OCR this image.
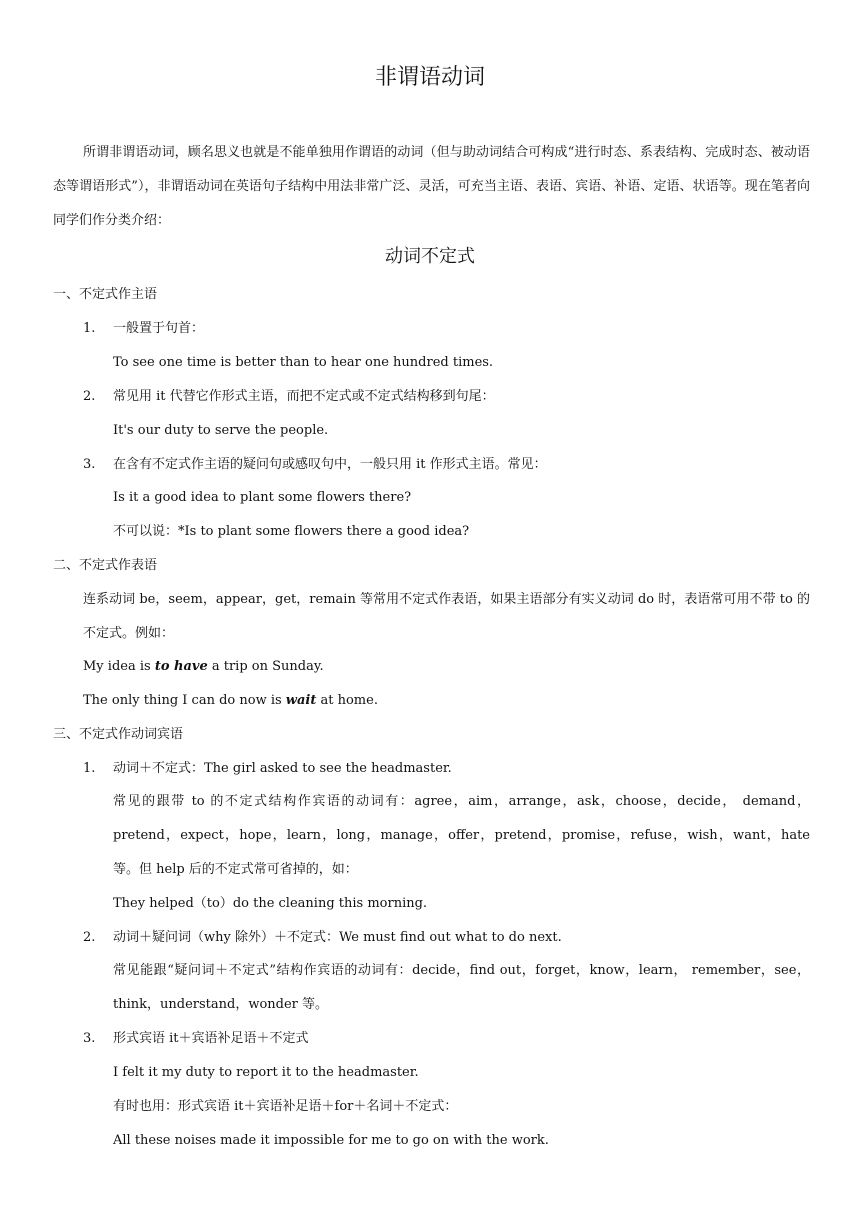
非谓语动词

所谓非谓语动词，顾名思义也就是不能单独用作谓语的动词（但与助动词结合可构成“进行时态、系表结构、完成时态、被动语态等谓语形式”），非谓语动词在英语句子结构中用法非常广泛、灵活，可充当主语、表语、宾语、补语、定语、状语等。现在笔者向同学们作分类介绍：

动词不定式
一、不定式作主语
1. 一般置于句首：
To see one time is better than to hear one hundred times.
2. 常见用 it 代替它作形式主语，而把不定式或不定式结构移到句尾：
It's our duty to serve the people.
3. 在含有不定式作主语的疑问句或感叹句中，一般只用 it 作形式主语。常见：
Is it a good idea to plant some flowers there?
不可以说：*Is to plant some flowers there a good idea?
二、不定式作表语

连系动词 be，seem，appear，get，remain 等常用不定式作表语，如果主语部分有实义动词 do 时，表语常可用不带 to 的不定式。例如：

My idea is to have a trip on Sunday.
The only thing I can do now is wait at home.
三、不定式作动词宾语
1. 动词＋不定式：The girl asked to see the headmaster.

常见的跟带 to 的不定式结构作宾语的动词有：agree，aim，arrange，ask，choose，decide， demand，pretend，expect，hope，learn，long，manage，offer，pretend，promise，refuse，wish，want，hate 等。但 help 后的不定式常可省掉的，如：

They helped（to）do the cleaning this morning.
2. 动词＋疑问词（why 除外）＋不定式：We must find out what to do next.

常见能跟“疑问词＋不定式”结构作宾语的动词有：decide，find out，forget，know，learn， remember，see，think，understand，wonder 等。

3. 形式宾语 it＋宾语补足语＋不定式
I felt it my duty to report it to the headmaster.
有时也用：形式宾语 it＋宾语补足语＋for＋名词＋不定式：
All these noises made it impossible for me to go on with the work.
